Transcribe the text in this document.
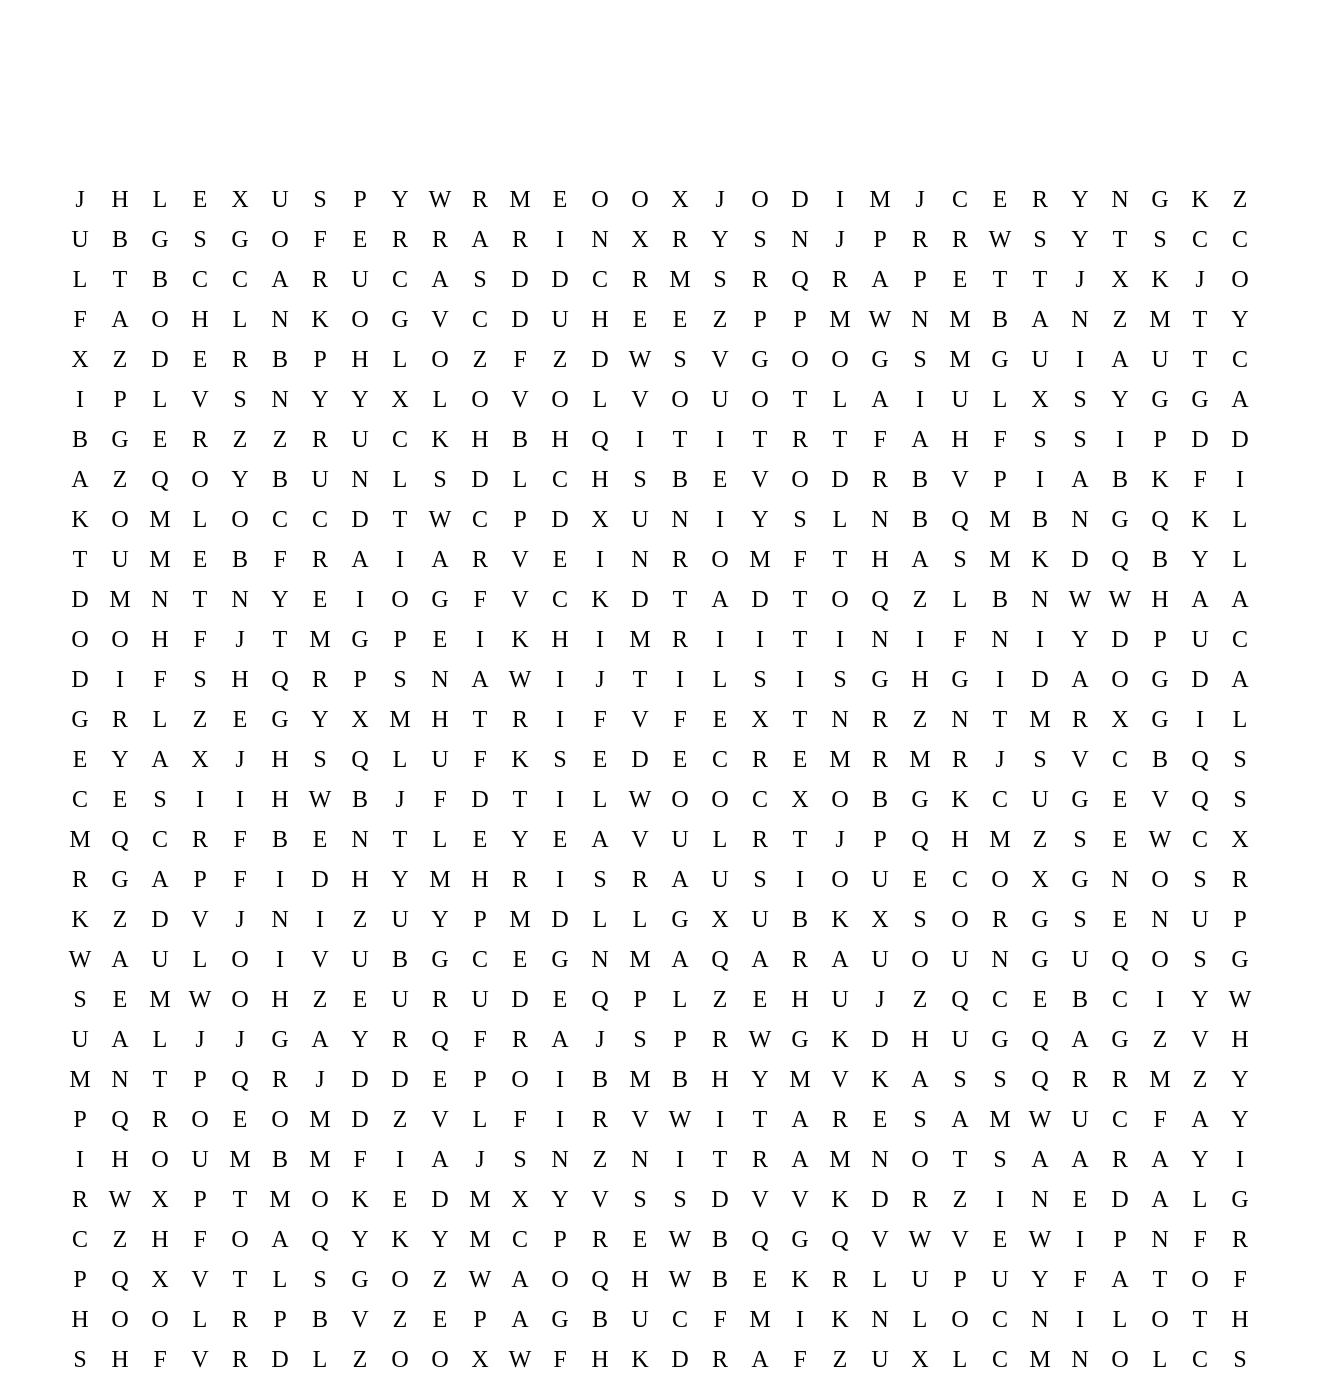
J	H L	E	X U	S	P	Y W R M E	O O X	J	O D	I	M	J	C	E	R Y N G K Z
U B G	S	G O	F	E	R R A R	I	N X R Y	S	N	J	P	R R W S	Y T	S	C C
L	T	B C C A R U C A	S	D D C R M S	R Q R A	P	E	T	T	J	X K	J	O
F	A O H L	N K O G V C D U H E	E	Z	P	P M W N M B A N Z M T	Y
X Z	D E	R B	P	H L	O Z	F	Z	D W S	V G O O G	S M G U	I	A U T	C
I	P	L	V	S	N Y Y X L	O V O L	V O U O T	L	A	I	U L	X	S	Y G G A
B G E	R	Z	Z	R U C K H B H Q	I	T	I	T	R	T	F	A H	F	S	S	I	P	D D
A Z	Q O Y B U N L	S	D L	C H	S	B	E	V O D R B V	P	I	A B K	F	I
K O M L	O C C D T W C	P	D X U N	I	Y	S	L	N B Q M B N G Q K L
T	U M E	B	F	R A	I	A R V E	I	N R O M F	T	H A	S M K D Q B Y L
D M N T	N Y E	I	O G	F	V C K D T	A D T	O Q Z	L	B N W W H A A
O O H	F	J	T M G	P	E	I	K H	I	M R	I	I	T	I	N	I	F	N	I	Y D	P	U C
D	I	F	S	H Q R	P	S	N A W	I	J	T	I	L	S	I	S	G H G	I	D A O G D A
G R	L	Z	E	G Y X M H T	R	I	F	V	F	E	X T	N R	Z	N T M R X G	I	L
E	Y A X	J	H	S	Q L	U	F	K	S	E	D E	C R	E M R M R	J	S	V C B Q	S
C	E	S	I	I	H W B	J	F	D T	I	L W O O C X O B G K C U G E	V Q	S
M Q C R	F	B	E	N T	L	E	Y E	A V U L	R	T	J	P	Q H M Z	S	E W C X
R G A	P	F	I	D H Y M H R	I	S	R A U	S	I	O U E	C O X G N O	S	R
K Z	D V	J	N	I	Z	U Y	P M D L	L	G X U B K X	S	O R G	S	E	N U	P
W A U L	O	I	V U B G C	E	G N M A Q A R A U O U N G U Q O	S	G
S	E M W O H Z	E	U R U D E	Q	P	L	Z	E	H U	J	Z	Q C	E	B C	I	Y W
U A L	J	J	G A Y R Q	F	R A	J	S	P	R W G K D H U G Q A G Z	V H
M N T	P	Q R	J	D D E	P	O	I	B M B H Y M V K A	S	S	Q R R M Z	Y
P	Q R O E	O M D Z	V L	F	I	R V W	I	T	A R	E	S	A M W U C	F	A Y
I	H O U M B M F	I	A	J	S	N Z	N	I	T	R A M N O T	S	A A R A Y	I
R W X	P	T M O K E	D M X Y V	S	S	D V V K D R	Z	I	N E	D A L	G
C	Z	H	F	O A Q Y K Y M C	P	R	E W B Q G Q V W V E W	I	P	N	F	R
P	Q X V T	L	S	G O Z W A O Q H W B	E	K R	L	U	P	U Y	F	A T	O	F
H O O L	R	P	B V Z	E	P	A G B U C	F M	I	K N L	O C N	I	L	O T	H
S	H	F	V R D L	Z	O O X W F	H K D R A	F	Z	U X L	C M N O L	C	S
